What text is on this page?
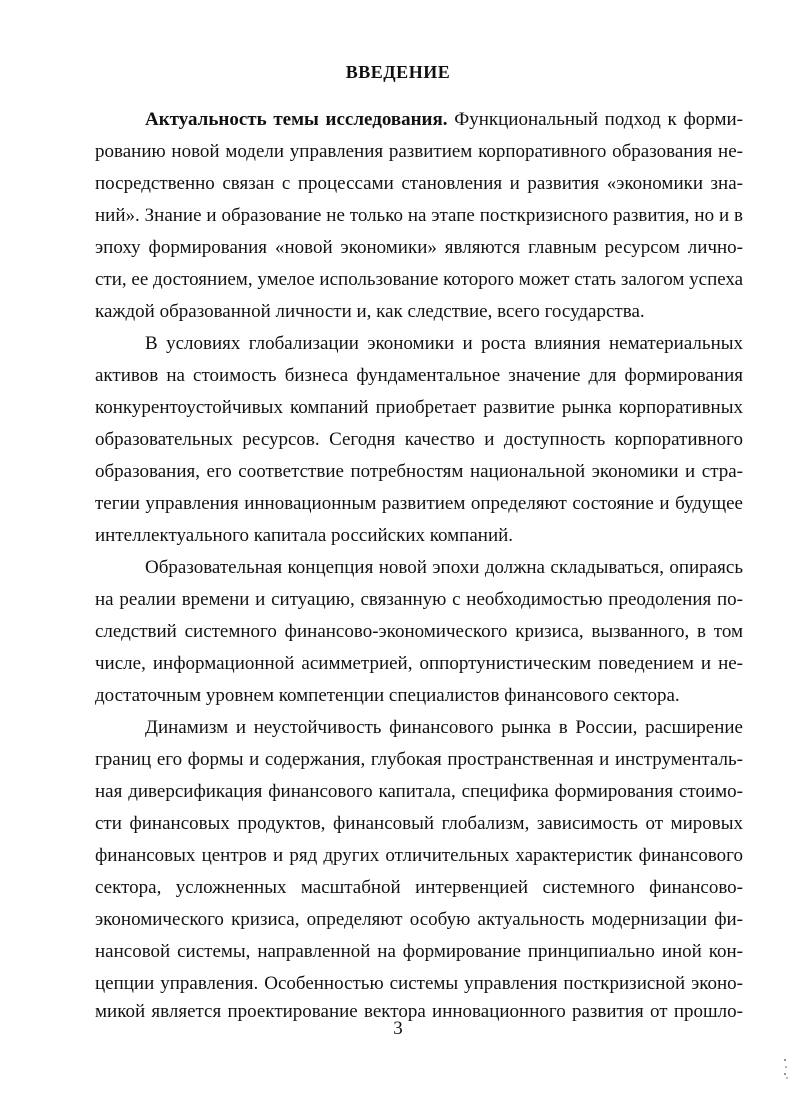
ВВЕДЕНИЕ

Актуальность темы исследования. Функциональный подход к форми-

рованию новой модели управления развитием корпоративного образования не-

посредственно связан с процессами становления и развития «экономики зна-

ний». Знание и образование не только на этапе посткризисного развития, но и в

эпоху формирования «новой экономики» являются главным ресурсом лично-

сти, ее достоянием, умелое использование которого может стать залогом успеха

каждой образованной личности и, как следствие, всего государства.

В условиях глобализации экономики и роста влияния нематериальных

активов на стоимость бизнеса фундаментальное значение для формирования

конкурентоустойчивых компаний приобретает развитие рынка корпоративных

образовательных ресурсов. Сегодня качество и доступность корпоративного

образования, его соответствие потребностям национальной экономики и стра-

тегии управления инновационным развитием определяют состояние и будущее

интеллектуального капитала российских компаний.

Образовательная концепция новой эпохи должна складываться, опираясь

на реалии времени и ситуацию, связанную с необходимостью преодоления по-

следствий системного финансово-экономического кризиса, вызванного, в том

числе, информационной асимметрией, оппортунистическим поведением и не-

достаточным уровнем компетенции специалистов финансового сектора.

Динамизм и неустойчивость финансового рынка в России, расширение

границ его формы и содержания, глубокая пространственная и инструменталь-

ная диверсификация финансового капитала, специфика формирования стоимо-

сти финансовых продуктов, финансовый глобализм, зависимость от мировых

финансовых центров и ряд других отличительных характеристик финансового

сектора, усложненных масштабной интервенцией системного финансово-

экономического кризиса, определяют особую актуальность модернизации фи-

нансовой системы, направленной на формирование принципиально иной кон-

цепции управления. Особенностью системы управления посткризисной эконо-

микой является проектирование вектора инновационного развития от прошло-

3
